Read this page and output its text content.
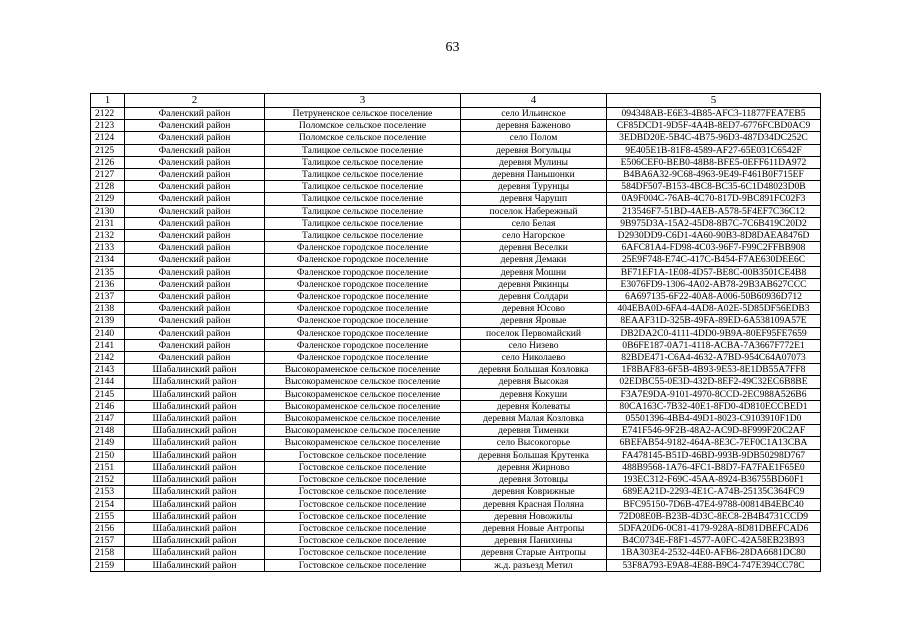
63
1	2	3	4	5
2122	Фаленский район	Петруненское сельское поселение	село Ильинское	094348AB-E6E3-4B85-AFC3-11877FEA7EB5
2123	Фаленский район	Поломское сельское поселение	деревня Баженово	CF85DCD1-9D5F-4A4B-8ED7-6776FCBD0AC9
2124	Фаленский район	Поломское сельское поселение	село Полом	3EDBD20E-5B4C-4B75-96D3-487D34DC252C
2125	Фаленский район	Талицкое сельское поселение	деревня Вогульцы	9E405E1B-81F8-4589-AF27-65E031C6542F
2126	Фаленский район	Талицкое сельское поселение	деревня Мулины	E506CEF0-BEB0-48B8-BFE5-0EFF611DA972
2127	Фаленский район	Талицкое сельское поселение	деревня Паньшонки	B4BA6A32-9C68-4963-9E49-F461B0F715EF
2128	Фаленский район	Талицкое сельское поселение	деревня Турунцы	584DF507-B153-4BC8-BC35-6C1D48023D0B
2129	Фаленский район	Талицкое сельское поселение	деревня Чарушп	0A9F004C-76AB-4C70-817D-9BC891FC02F3
2130	Фаленский район	Талицкое сельское поселение	поселок Набережный	213546F7-51BD-4AEB-A578-5F4EF7C36C12
2131	Фаленский район	Талицкое сельское поселение	село Белая	9B975D3A-15A2-45D8-8B7C-7C6B419C20D2
2132	Фаленский район	Талицкое сельское поселение	село Нагорское	D2930DD9-C6D1-4A60-90B3-8D8DAEA8476D
2133	Фаленский район	Фаленское городское поселение	деревня Веселки	6AFC81A4-FD98-4C03-96F7-F99C2FFBB908
2134	Фаленский район	Фаленское городское поселение	деревня Демаки	25E9F748-E74C-417C-B454-F7AE630DEE6C
2135	Фаленский район	Фаленское городское поселение	деревня Мошни	BF71EF1A-1E08-4D57-BE8C-00B3501CE4B8
2136	Фаленский район	Фаленское городское поселение	деревня Рякинцы	E3076FD9-1306-4A02-AB78-29B3AB627CCC
2137	Фаленский район	Фаленское городское поселение	деревня Солдари	6A697135-6F22-40A8-A006-50B60936D712
2138	Фаленский район	Фаленское городское поселение	деревня Юсово	404EBA0D-6FA4-4AD8-A02E-5D85DF56EDB3
2139	Фаленский район	Фаленское городское поселение	деревня Яровые	8EAAF31D-325B-49FA-89ED-6A538109A57E
2140	Фаленский район	Фаленское городское поселение	поселок Первомайский	DB2DA2C0-4111-4DD0-9B9A-80EF95FE7659
2141	Фаленский район	Фаленское городское поселение	село Низево	0B6FE187-0A71-4118-ACBA-7A3667F772E1
2142	Фаленский район	Фаленское городское поселение	село Николаево	82BDE471-C6A4-4632-A7BD-954C64A07073
2143	Шабалинский район	Высокораменское сельское поселение	деревня Большая Козловка	1F8BAF83-6F5B-4B93-9E53-8E1DB55A7FF8
2144	Шабалинский район	Высокораменское сельское поселение	деревня Высокая	02EDBC55-0E3D-432D-8EF2-49C32EC6B8BE
2145	Шабалинский район	Высокораменское сельское поселение	деревня Кокуши	F3A7E9DA-9101-4970-8CCD-2EC988A526B6
2146	Шабалинский район	Высокораменское сельское поселение	деревня Колеваты	80CA163C-7B32-40E1-8FD0-4D810ECCBED1
2147	Шабалинский район	Высокораменское сельское поселение	деревня Малая Козловка	05501396-4BB4-49D1-8023-C9103910F1D0
2148	Шабалинский район	Высокораменское сельское поселение	деревня Тименки	E741F546-9F2B-48A2-AC9D-8F999F20C2AF
2149	Шабалинский район	Высокораменское сельское поселение	село Высокогорье	6BEFAB54-9182-464A-8E3C-7EF0C1A13CBA
2150	Шабалинский район	Гостовское сельское поселение	деревня Большая Крутенка	FA478145-B51D-46BD-993B-9DB50298D767
2151	Шабалинский район	Гостовское сельское поселение	деревня Жирново	488B9568-1A76-4FC1-B8D7-FA7FAE1F65E0
2152	Шабалинский район	Гостовское сельское поселение	деревня Зотовцы	193EC312-F69C-45AA-8924-B36755BD60F1
2153	Шабалинский район	Гостовское сельское поселение	деревня Коврижные	689EA21D-2293-4E1C-A74B-25135C364FC9
2154	Шабалинский район	Гостовское сельское поселение	деревня Красная Поляна	BFC95150-7D6B-47E4-9788-00814B4EBC40
2155	Шабалинский район	Гостовское сельское поселение	деревня Новожилы	72D08E0B-B23B-4D3C-8EC8-2B4B4731CCD9
2156	Шабалинский район	Гостовское сельское поселение	деревня Новые Антропы	5DFA20D6-0C81-4179-928A-8D81DBEFCAD6
2157	Шабалинский район	Гостовское сельское поселение	деревня Панихины	B4C0734E-F8F1-4577-A0FC-42A58EB23B93
2158	Шабалинский район	Гостовское сельское поселение	деревня Старые Антропы	1BA303E4-2532-44E0-AFB6-28DA6681DC80
2159	Шабалинский район	Гостовское сельское поселение	ж.д. разъезд Метил	53F8A793-E9A8-4E88-B9C4-747E394CC78C
